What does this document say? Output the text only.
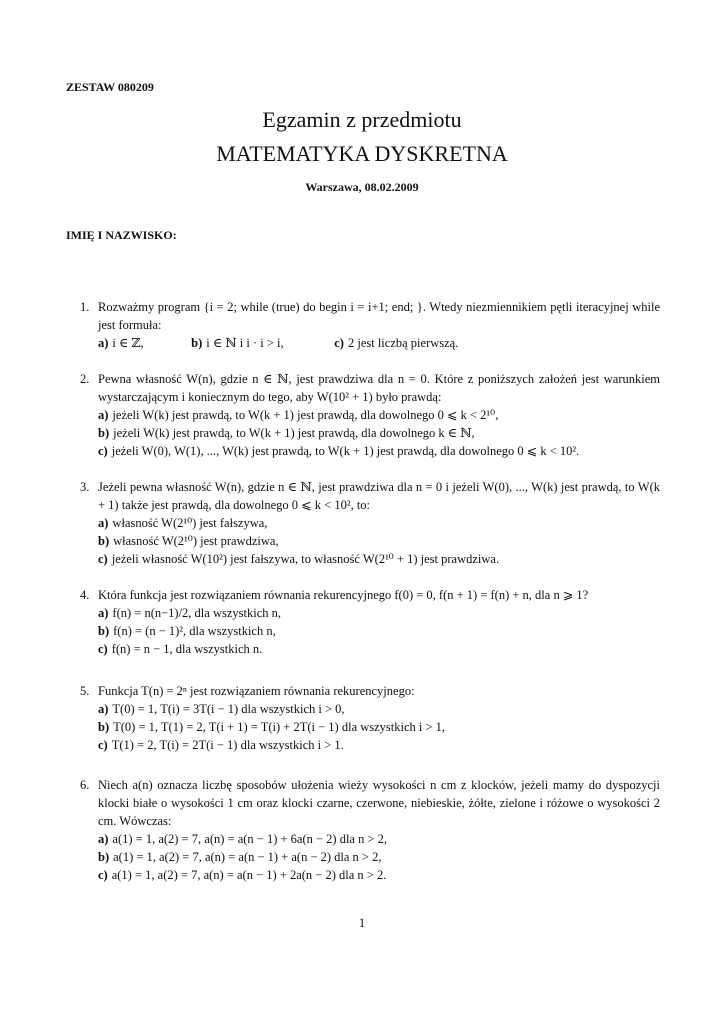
ZESTAW 080209
Egzamin z przedmiotu
MATEMATYKA DYSKRETNA
Warszawa, 08.02.2009
IMIĘ I NAZWISKO:
1. Rozważmy program {i = 2; while (true) do begin i = i+1; end; }. Wtedy niezmiennikiem pętli iteracyjnej while jest formuła:
a) i ∈ ℤ,	b) i ∈ ℕ i i · i > i,	c) 2 jest liczbą pierwszą.
2. Pewna własność W(n), gdzie n ∈ ℕ, jest prawdziwa dla n = 0. Które z poniższych założeń jest warunkiem wystarczającym i koniecznym do tego, aby W(10² + 1) było prawdą:
a) jeżeli W(k) jest prawdą, to W(k + 1) jest prawdą, dla dowolnego 0 ⩽ k < 2¹⁰,
b) jeżeli W(k) jest prawdą, to W(k + 1) jest prawdą, dla dowolnego k ∈ ℕ,
c) jeżeli W(0), W(1), ..., W(k) jest prawdą, to W(k + 1) jest prawdą, dla dowolnego 0 ⩽ k < 10².
3. Jeżeli pewna własność W(n), gdzie n ∈ ℕ, jest prawdziwa dla n = 0 i jeżeli W(0), ..., W(k) jest prawdą, to W(k + 1) także jest prawdą, dla dowolnego 0 ⩽ k < 10², to:
a) własność W(2¹⁰) jest fałszywa,
b) własność W(2¹⁰) jest prawdziwa,
c) jeżeli własność W(10²) jest fałszywa, to własność W(2¹⁰ + 1) jest prawdziwa.
4. Która funkcja jest rozwiązaniem równania rekurencyjnego f(0) = 0, f(n + 1) = f(n) + n, dla n ⩾ 1?
a) f(n) = n(n−1)/2, dla wszystkich n,
b) f(n) = (n − 1)², dla wszystkich n,
c) f(n) = n − 1, dla wszystkich n.
5. Funkcja T(n) = 2ⁿ jest rozwiązaniem równania rekurencyjnego:
a) T(0) = 1, T(i) = 3T(i − 1) dla wszystkich i > 0,
b) T(0) = 1, T(1) = 2, T(i + 1) = T(i) + 2T(i − 1) dla wszystkich i > 1,
c) T(1) = 2, T(i) = 2T(i − 1) dla wszystkich i > 1.
6. Niech a(n) oznacza liczbę sposobów ułożenia wieży wysokości n cm z klocków, jeżeli mamy do dyspozycji klocki białe o wysokości 1 cm oraz klocki czarne, czerwone, niebieskie, żółte, zielone i różowe o wysokości 2 cm. Wówczas:
a) a(1) = 1, a(2) = 7, a(n) = a(n − 1) + 6a(n − 2) dla n > 2,
b) a(1) = 1, a(2) = 7, a(n) = a(n − 1) + a(n − 2) dla n > 2,
c) a(1) = 1, a(2) = 7, a(n) = a(n − 1) + 2a(n − 2) dla n > 2.
1
